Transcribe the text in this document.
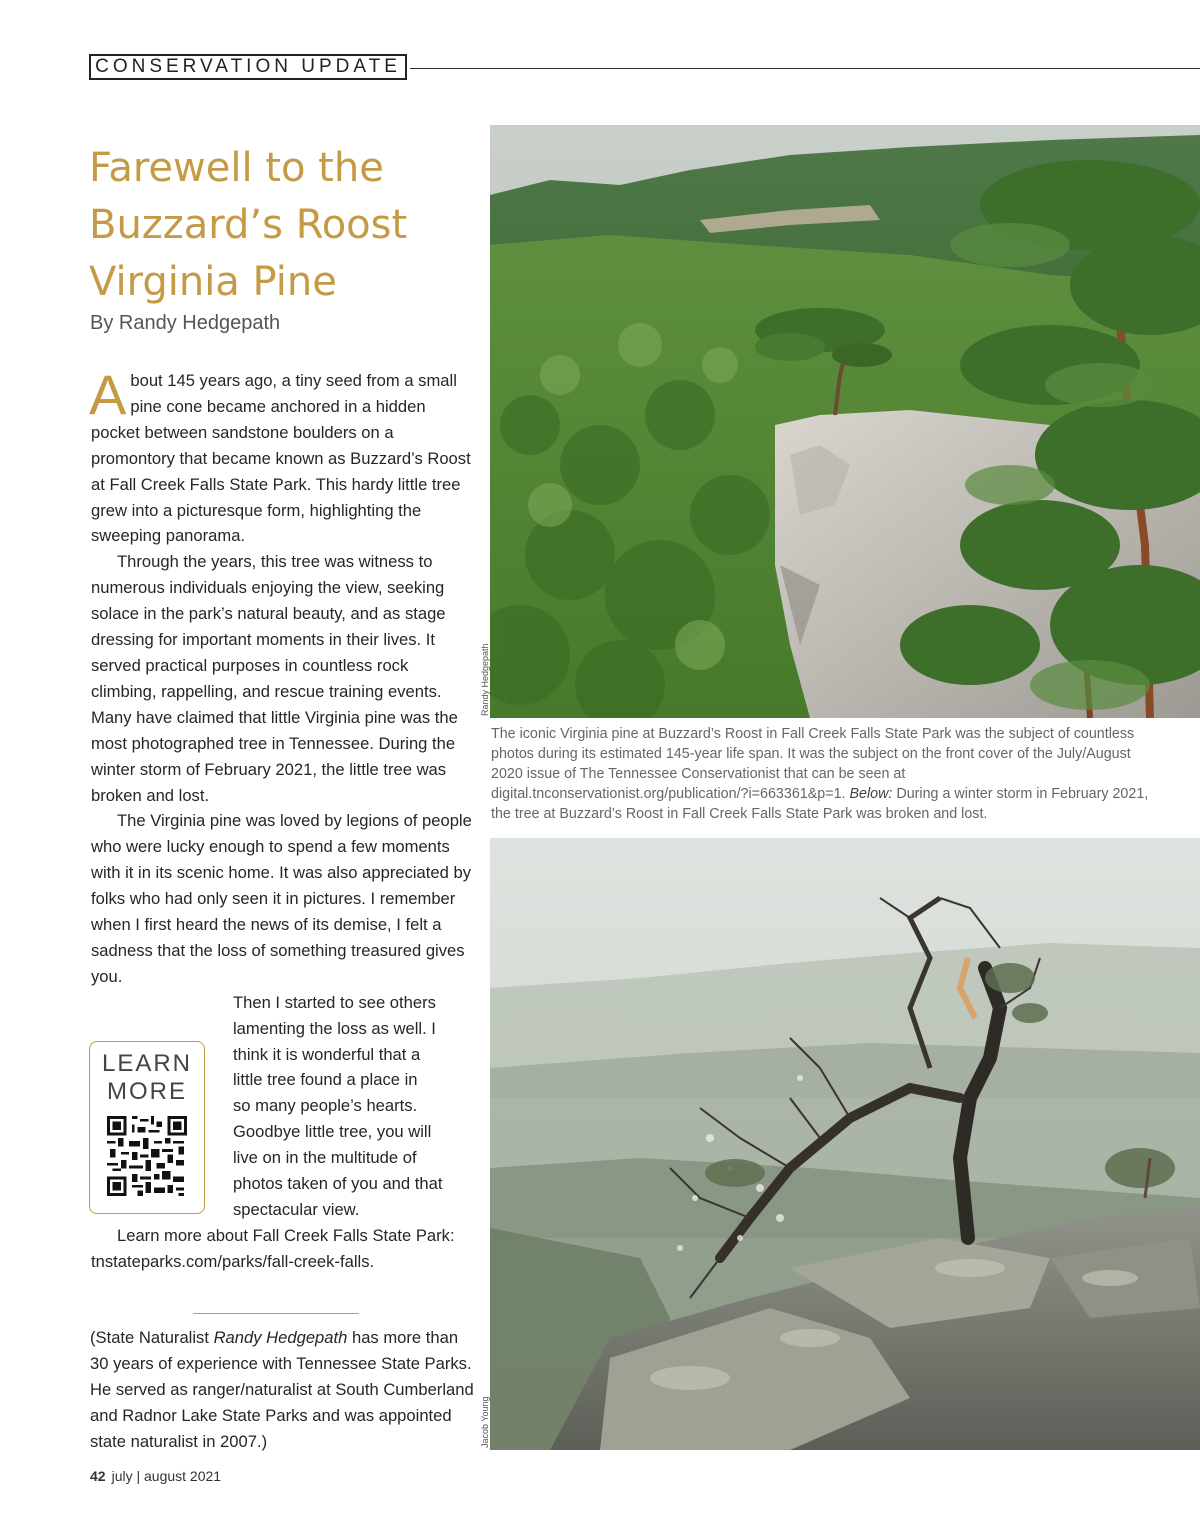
CONSERVATION UPDATE
Farewell to the
Buzzard’s Roost
Virginia Pine
By Randy Hedgepath

About 145 years ago, a tiny seed from a small pine cone became anchored in a hidden pocket between sandstone boulders on a promontory that became known as Buzzard’s Roost at Fall Creek Falls State Park. This hardy little tree grew into a picturesque form, highlighting the sweeping panorama.

Through the years, this tree was witness to numerous individuals enjoying the view, seeking solace in the park’s natural beauty, and as stage dressing for important moments in their lives. It served practical purposes in countless rock climbing, rappelling, and rescue training events. Many have claimed that little Virginia pine was the most photographed tree in Tennessee. During the winter storm of February 2021, the little tree was broken and lost.

The Virginia pine was loved by legions of people who were lucky enough to spend a few moments with it in its scenic home. It was also appreciated by folks who had only seen it in pictures. I remember when I first heard the news of its demise, I felt a sadness that the loss of something treasured gives you.

Then I started to see others
lamenting the loss as well. I
think it is wonderful that a
little tree found a place in
so many people’s hearts.
Goodbye little tree, you will
live on in the multitude of
photos taken of you and that
spectacular view.

Learn more about Fall Creek Falls State Park: tnstateparks.com/parks/fall-creek-falls.

LEARN
MORE

(State Naturalist Randy Hedgepath has more than 30 years of experience with Tennessee State Parks. He served as ranger/naturalist at South Cumberland and Radnor Lake State Parks and was appointed state naturalist in 2007.)

42 july | august 2021
Randy Hedgepath

The iconic Virginia pine at Buzzard’s Roost in Fall Creek Falls State Park was the subject of countless photos during its estimated 145-year life span. It was the subject on the front cover of the July/August 2020 issue of The Tennessee Conservationist that can be seen at digital.tnconservationist.org/publication/?i=663361&p=1. Below: During a winter storm in February 2021, the tree at Buzzard’s Roost in Fall Creek Falls State Park was broken and lost.

Jacob Young
